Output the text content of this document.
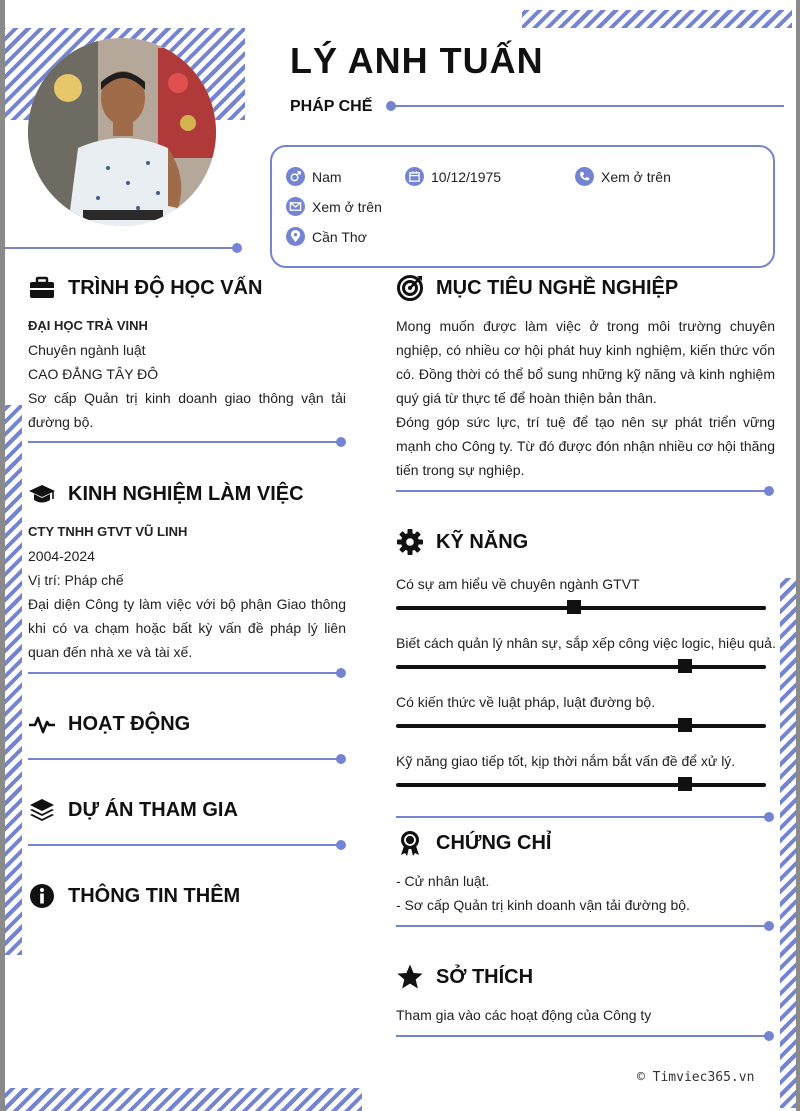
LÝ ANH TUẤN
PHÁP CHẾ
Nam	10/12/1975	Xem ở trên
Xem ở trên
Cần Thơ
TRÌNH ĐỘ HỌC VẤN
ĐẠI HỌC TRÀ VINH
Chuyên ngành luật
CAO ĐẲNG TÂY ĐÔ
Sơ cấp Quản trị kinh doanh giao thông vận tải đường bộ.
KINH NGHIỆM LÀM VIỆC
CTY TNHH GTVT VŨ LINH
2004-2024
Vị trí: Pháp chế
Đại diện Công ty làm việc với bộ phận Giao thông khi có va chạm hoặc bất kỳ vấn đề pháp lý liên quan đến nhà xe và tài xế.
HOẠT ĐỘNG
DỰ ÁN THAM GIA
THÔNG TIN THÊM
MỤC TIÊU NGHỀ NGHIỆP
Mong muốn được làm việc ở trong môi trường chuyên nghiệp, có nhiều cơ hội phát huy kinh nghiệm, kiến thức vốn có. Đồng thời có thể bổ sung những kỹ năng và kinh nghiệm quý giá từ thực tế để hoàn thiện bản thân.
Đóng góp sức lực, trí tuệ để tạo nên sự phát triển vững mạnh cho Công ty. Từ đó được đón nhận nhiều cơ hội thăng tiến trong sự nghiệp.
KỸ NĂNG
Có sự am hiểu về chuyên ngành GTVT
Biết cách quản lý nhân sự, sắp xếp công việc logic, hiệu quả.
Có kiến thức về luật pháp, luật đường bộ.
Kỹ năng giao tiếp tốt, kịp thời nắm bắt vấn đề để xử lý.
CHỨNG CHỈ
- Cử nhân luật.
- Sơ cấp Quản trị kinh doanh vận tải đường bộ.
SỞ THÍCH
Tham gia vào các hoạt động của Công ty
© Timviec365.vn
